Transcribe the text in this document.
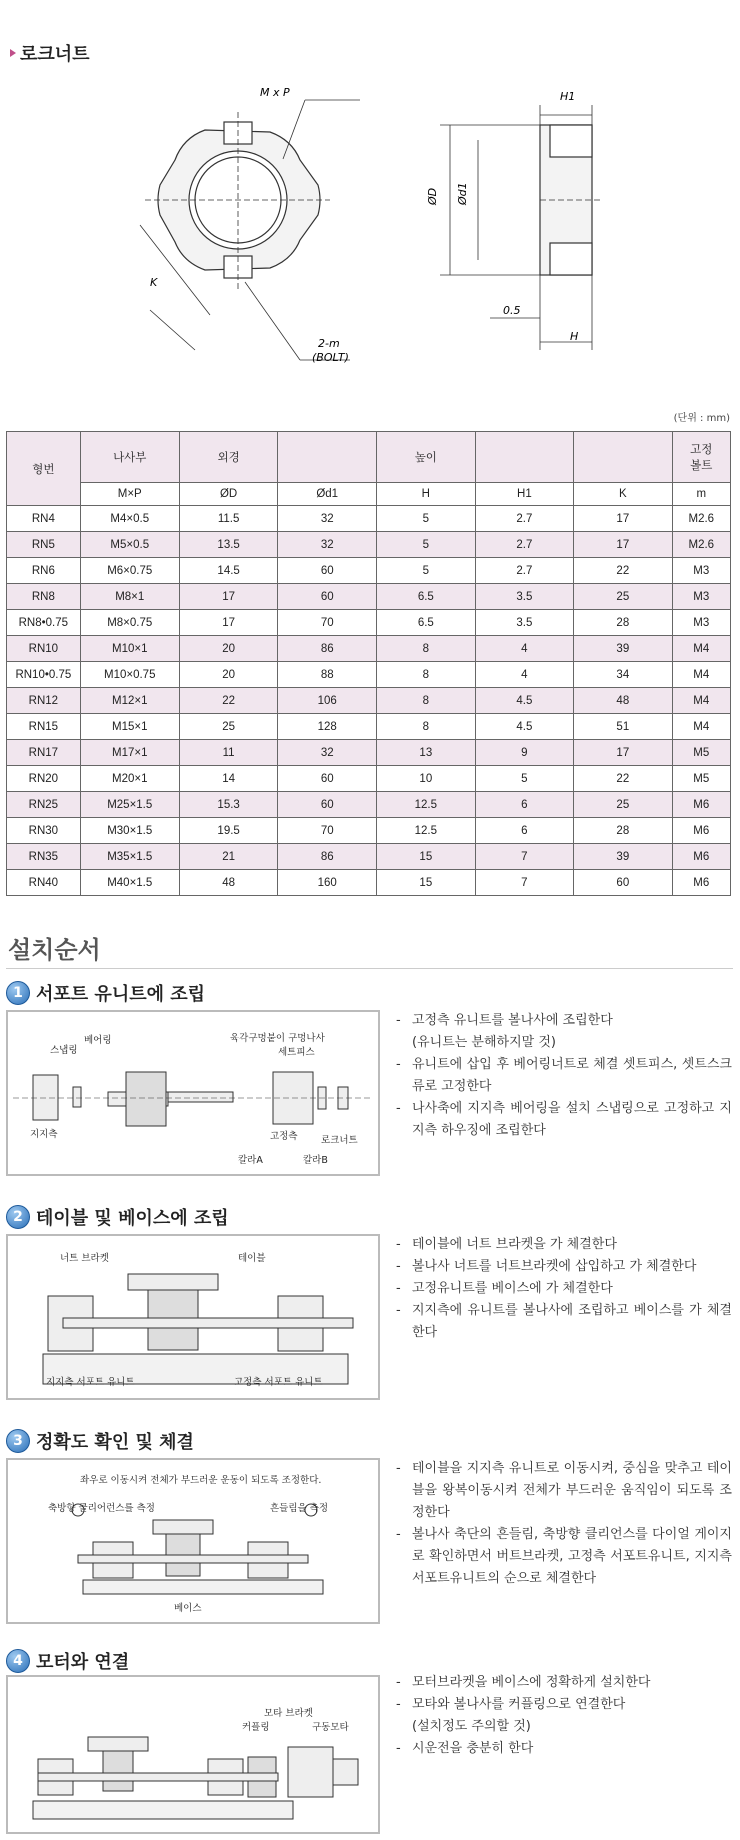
로크너트
M x P
K
2-m
(BOLT)
H1
ØD Ød1
0.5
H
(단위 : mm)
형번	나사부	외경		높이			고정
볼트
	M×P	ØD	Ød1	H	H1	K	m
RN4	M4×0.5	11.5	32	5	2.7	17	M2.6
RN5	M5×0.5	13.5	32	5	2.7	17	M2.6
RN6	M6×0.75	14.5	60	5	2.7	22	M3
RN8	M8×1	17	60	6.5	3.5	25	M3
RN8•0.75	M8×0.75	17	70	6.5	3.5	28	M3
RN10	M10×1	20	86	8	4	39	M4
RN10•0.75	M10×0.75	20	88	8	4	34	M4
RN12	M12×1	22	106	8	4.5	48	M4
RN15	M15×1	25	128	8	4.5	51	M4
RN17	M17×1	11	32	13	9	17	M5
RN20	M20×1	14	60	10	5	22	M5
RN25	M25×1.5	15.3	60	12.5	6	25	M6
RN30	M30×1.5	19.5	70	12.5	6	28	M6
RN35	M35×1.5	21	86	15	7	39	M6
RN40	M40×1.5	48	160	15	7	60	M6
설치순서
1 서포트 유니트에 조립
스냅링
베어링	육각구멍붙이 구멍나사
세트피스
지지측	고정측
칼라A	칼라B
로크너트
- 고정측 유니트를 볼나사에 조립한다
(유니트는 분해하지말 것)
- 유니트에 삽입 후 베어링너트로 체결 셋트피스, 셋트스크류로 고정한다
- 나사축에 지지측 베어링을 설치 스냅링으로 고정하고 지지측 하우징에 조립한다
2 테이블 및 베이스에 조립
너트 브라켓	테이블
지지측 서포트 유니트	고정측 서포트 유니트
- 테이블에 너트 브라켓을 가 체결한다
- 볼나사 너트를 너트브라켓에 삽입하고 가 체결한다
- 고정유니트를 베이스에 가 체결한다
- 지지측에 유니트를 볼나사에 조립하고 베이스를 가 체결한다
3 정확도 확인 및 체결
좌우로 이동시켜 전체가 부드러운 운동이 되도록 조정한다.
축방향 클리어런스를 측정	흔들림을 측정
베이스
- 테이블을 지지측 유니트로 이동시켜, 중심을 맞추고 테이블을 왕복이동시켜 전체가 부드러운 움직임이 되도록 조정한다
- 볼나사 축단의 흔들림, 축방향 클리언스를 다이얼 게이지로 확인하면서 버트브라켓, 고정측 서포트유니트, 지지측 서포트유니트의 순으로 체결한다
4 모터와 연결
모타 브라켓
커플링	구동모타
- 모터브라켓을 베이스에 정확하게 설치한다
- 모타와 볼나사를 커플링으로 연결한다
(설치정도 주의할 것)
- 시운전을 충분히 한다
